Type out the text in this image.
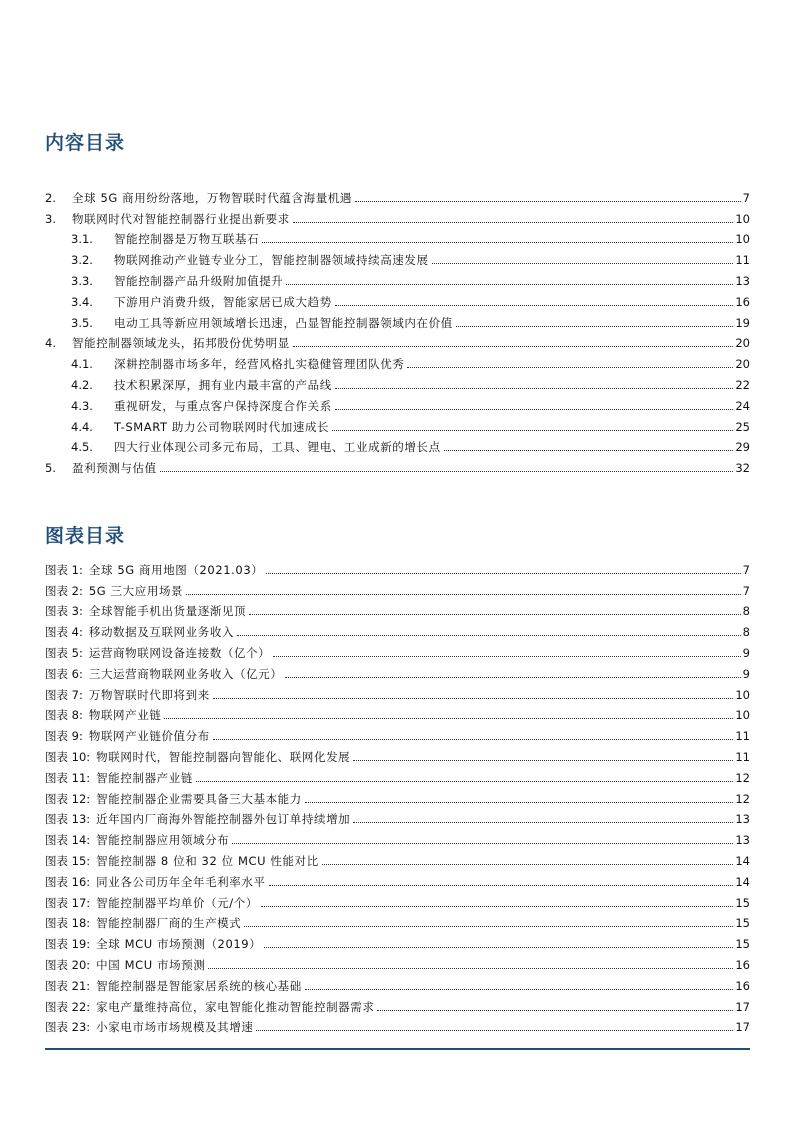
内容目录
2.	全球 5G 商用纷纷落地，万物智联时代蕴含海量机遇	7
3.	物联网时代对智能控制器行业提出新要求	10
3.1.	智能控制器是万物互联基石	10
3.2.	物联网推动产业链专业分工，智能控制器领域持续高速发展	11
3.3.	智能控制器产品升级附加值提升	13
3.4.	下游用户消费升级，智能家居已成大趋势	16
3.5.	电动工具等新应用领域增长迅速，凸显智能控制器领域内在价值	19
4.	智能控制器领域龙头，拓邦股份优势明显	20
4.1.	深耕控制器市场多年，经营风格扎实稳健管理团队优秀	20
4.2.	技术积累深厚，拥有业内最丰富的产品线	22
4.3.	重视研发，与重点客户保持深度合作关系	24
4.4.	T-SMART 助力公司物联网时代加速成长	25
4.5.	四大行业体现公司多元布局，工具、锂电、工业成新的增长点	29
5.	盈利预测与估值	32
图表目录
图表 1: 全球 5G 商用地图（2021.03）	7
图表 2: 5G 三大应用场景	7
图表 3: 全球智能手机出货量逐渐见顶	8
图表 4: 移动数据及互联网业务收入	8
图表 5: 运营商物联网设备连接数（亿个）	9
图表 6: 三大运营商物联网业务收入（亿元）	9
图表 7: 万物智联时代即将到来	10
图表 8: 物联网产业链	10
图表 9: 物联网产业链价值分布	11
图表 10: 物联网时代，智能控制器向智能化、联网化发展	11
图表 11: 智能控制器产业链	12
图表 12: 智能控制器企业需要具备三大基本能力	12
图表 13: 近年国内厂商海外智能控制器外包订单持续增加	13
图表 14: 智能控制器应用领域分布	13
图表 15: 智能控制器 8 位和 32 位 MCU 性能对比	14
图表 16: 同业各公司历年全年毛利率水平	14
图表 17: 智能控制器平均单价（元/个）	15
图表 18: 智能控制器厂商的生产模式	15
图表 19: 全球 MCU 市场预测（2019）	15
图表 20: 中国 MCU 市场预测	16
图表 21: 智能控制器是智能家居系统的核心基础	16
图表 22: 家电产量维持高位，家电智能化推动智能控制器需求	17
图表 23: 小家电市场市场规模及其增速	17
